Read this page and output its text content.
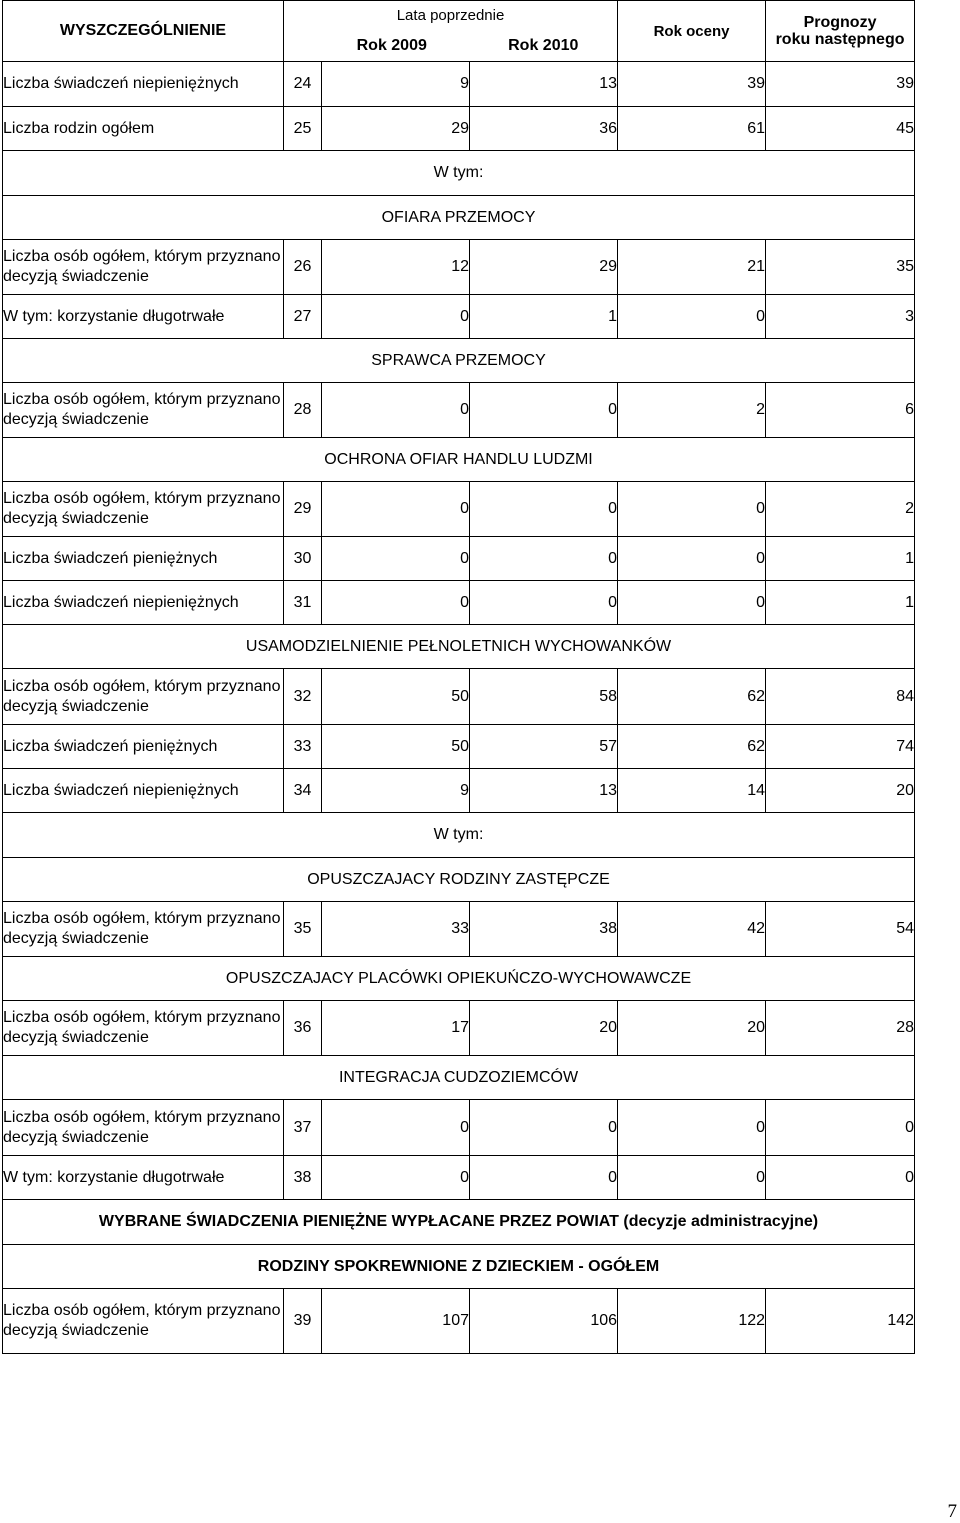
WYSZCZEGÓLNIENIE	Lata poprzednie			Rok oceny	Prognozy
roku następnego
	Rok 2009		Rok 2010		
Liczba świadczeń niepieniężnych	24	9	13	39	39
Liczba rodzin ogółem	25	29	36	61	45
W tym:					
OFIARA PRZEMOCY					
Liczba osób ogółem, którym przyznano decyzją świadczenie	26	12	29	21	35
W tym: korzystanie długotrwałe	27	0	1	0	3
SPRAWCA PRZEMOCY					
Liczba osób ogółem, którym przyznano decyzją świadczenie	28	0	0	2	6
OCHRONA OFIAR HANDLU LUDZMI					
Liczba osób ogółem, którym przyznano decyzją świadczenie	29	0	0	0	2
Liczba świadczeń pieniężnych	30	0	0	0	1
Liczba świadczeń niepieniężnych	31	0	0	0	1
USAMODZIELNIENIE PEŁNOLETNICH WYCHOWANKÓW					
Liczba osób ogółem, którym przyznano decyzją świadczenie	32	50	58	62	84
Liczba świadczeń pieniężnych	33	50	57	62	74
Liczba świadczeń niepieniężnych	34	9	13	14	20
W tym:					
OPUSZCZAJACY RODZINY ZASTĘPCZE					
Liczba osób ogółem, którym przyznano decyzją świadczenie	35	33	38	42	54
OPUSZCZAJACY PLACÓWKI OPIEKUŃCZO-WYCHOWAWCZE					
Liczba osób ogółem, którym przyznano decyzją świadczenie	36	17	20	20	28
INTEGRACJA CUDZOZIEMCÓW					
Liczba osób ogółem, którym przyznano decyzją świadczenie	37	0	0	0	0
W tym: korzystanie długotrwałe	38	0	0	0	0
WYBRANE ŚWIADCZENIA PIENIĘŻNE WYPŁACANE PRZEZ POWIAT (decyzje administracyjne)					
RODZINY SPOKREWNIONE Z DZIECKIEM - OGÓŁEM					
Liczba osób ogółem, którym przyznano decyzją świadczenie	39	107	106	122	142
7
